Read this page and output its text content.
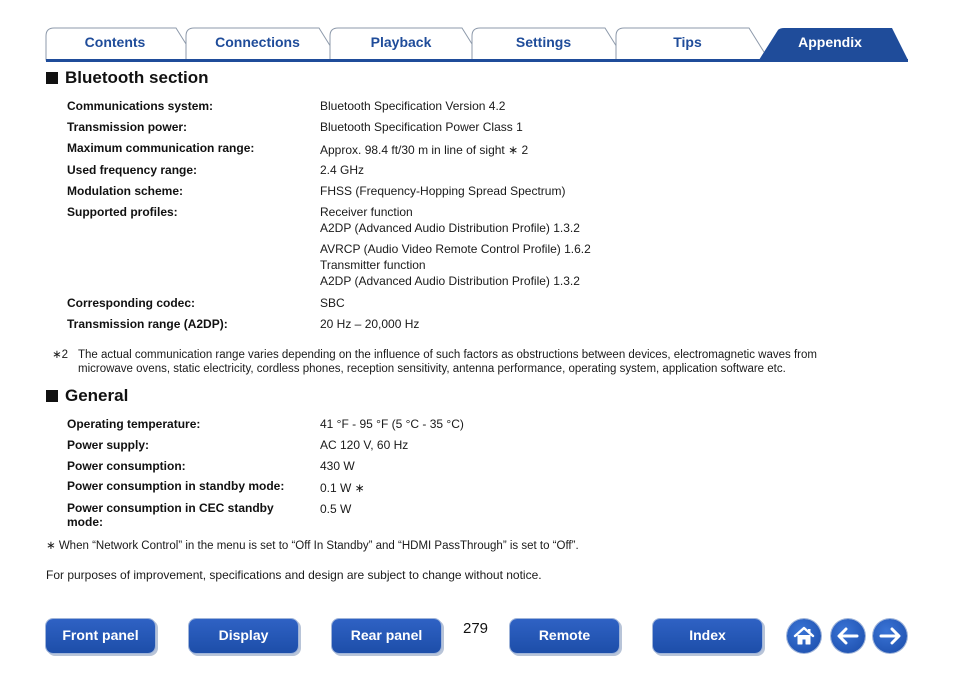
Contents	Connections	Playback	Settings	Tips	Appendix
Bluetooth section
Communications system:	Bluetooth Specification Version 4.2
Transmission power:	Bluetooth Specification Power Class 1
Maximum communication range:	Approx. 98.4 ft/30 m in line of sight ∗ 2
Used frequency range:	2.4 GHz
Modulation scheme:	FHSS (Frequency-Hopping Spread Spectrum)
Supported profiles:	Receiver function
A2DP (Advanced Audio Distribution Profile) 1.3.2
AVRCP (Audio Video Remote Control Profile) 1.6.2
Transmitter function
A2DP (Advanced Audio Distribution Profile) 1.3.2
Corresponding codec:	SBC
Transmission range (A2DP):	20 Hz – 20,000 Hz
∗2 The actual communication range varies depending on the influence of such factors as obstructions between devices, electromagnetic waves from
microwave ovens, static electricity, cordless phones, reception sensitivity, antenna performance, operating system, application software etc.
General
Operating temperature:	41 °F - 95 °F (5 °C - 35 °C)
Power supply:	AC 120 V, 60 Hz
Power consumption:	430 W
Power consumption in standby mode:	0.1 W ∗
Power consumption in CEC standby mode:
0.5 W
∗ When “Network Control” in the menu is set to “Off In Standby” and “HDMI PassThrough” is set to “Off”.
For purposes of improvement, specifications and design are subject to change without notice.
Front panel	Display	Rear panel	279	Remote	Index
